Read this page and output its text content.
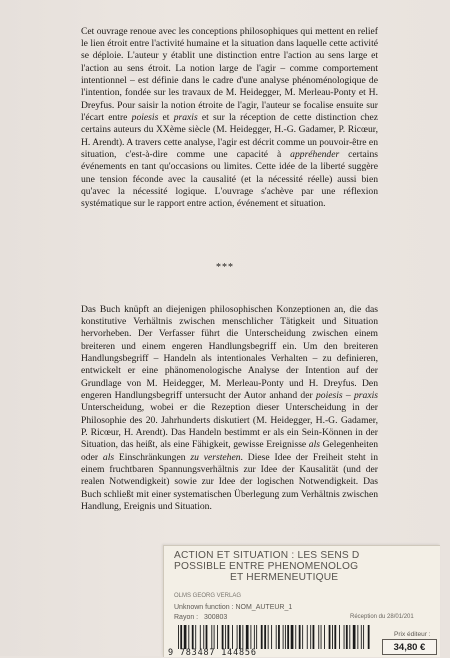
Cet ouvrage renoue avec les conceptions philosophiques qui mettent en relief le lien étroit entre l'activité humaine et la situation dans laquelle cette activité se déploie. L'auteur y établit une distinction entre l'action au sens large et l'action au sens étroit. La notion large de l'agir – comme comportement intentionnel – est définie dans le cadre d'une analyse phénoménologique de l'intention, fondée sur les travaux de M. Heidegger, M. Merleau-Ponty et H. Dreyfus. Pour saisir la notion étroite de l'agir, l'auteur se focalise ensuite sur l'écart entre poiesis et praxis et sur la réception de cette distinction chez certains auteurs du XXème siècle (M. Heidegger, H.-G. Gadamer, P. Ricœur, H. Arendt). A travers cette analyse, l'agir est décrit comme un pouvoir-être en situation, c'est-à-dire comme une capacité à appréhender certains événements en tant qu'occasions ou limites. Cette idée de la liberté suggère une tension féconde avec la causalité (et la nécessité réelle) aussi bien qu'avec la nécessité logique. L'ouvrage s'achève par une réflexion systématique sur le rapport entre action, événement et situation.

***

Das Buch knüpft an diejenigen philosophischen Konzeptionen an, die das konstitutive Verhältnis zwischen menschlicher Tätigkeit und Situation hervorheben. Der Verfasser führt die Unterscheidung zwischen einem breiteren und einem engeren Handlungsbegriff ein. Um den breiteren Handlungsbegriff – Handeln als intentionales Verhalten – zu definieren, entwickelt er eine phänomenologische Analyse der Intention auf der Grundlage von M. Heidegger, M. Merleau-Ponty und H. Dreyfus. Den engeren Handlungsbegriff untersucht der Autor anhand der poiesis – praxis Unterscheidung, wobei er die Rezeption dieser Unterscheidung in der Philosophie des 20. Jahrhunderts diskutiert (M. Heidegger, H.-G. Gadamer, P. Ricœur, H. Arendt). Das Handeln bestimmt er als ein Sein-Können in der Situation, das heißt, als eine Fähigkeit, gewisse Ereignisse als Gelegenheiten oder als Einschränkungen zu verstehen. Diese Idee der Freiheit steht in einem fruchtbaren Spannungsverhältnis zur Idee der Kausalität (und der realen Notwendigkeit) sowie zur Idee der logischen Notwendigkeit. Das Buch schließt mit einer systematischen Überlegung zum Verhältnis zwischen Handlung, Ereignis und Situation.

ACTION ET SITUATION : LES SENS D
POSSIBLE ENTRE PHENOMENOLOG
ET HERMENEUTIQUE
OLMS GEORG VERLAG
Unknown function : NOM_AUTEUR_1
Rayon : 300803	Réception du 28/01/201
9 783487 144856
Prix éditeur :
34,80 €
